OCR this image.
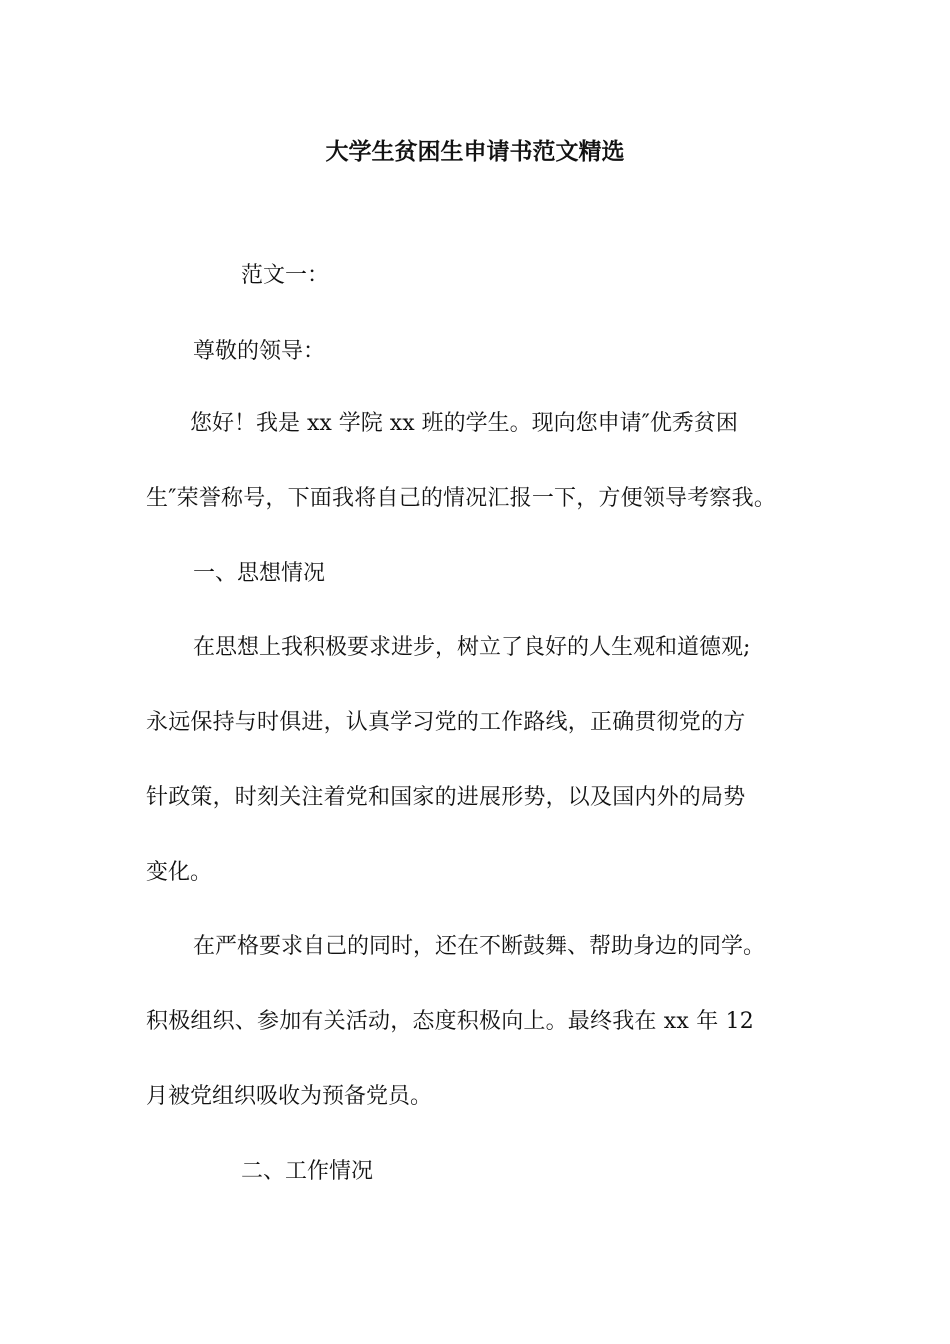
大学生贫困生申请书范文精选

范文一：

尊敬的领导：

您好！我是 xx 学院 xx 班的学生。现向您申请″优秀贫困

生″荣誉称号，下面我将自己的情况汇报一下，方便领导考察我。

一、思想情况

在思想上我积极要求进步，树立了良好的人生观和道德观;

永远保持与时俱进，认真学习党的工作路线，正确贯彻党的方

针政策，时刻关注着党和国家的进展形势，以及国内外的局势

变化。

在严格要求自己的同时，还在不断鼓舞、帮助身边的同学。

积极组织、参加有关活动，态度积极向上。最终我在 xx 年 12

月被党组织吸收为预备党员。

二、工作情况
